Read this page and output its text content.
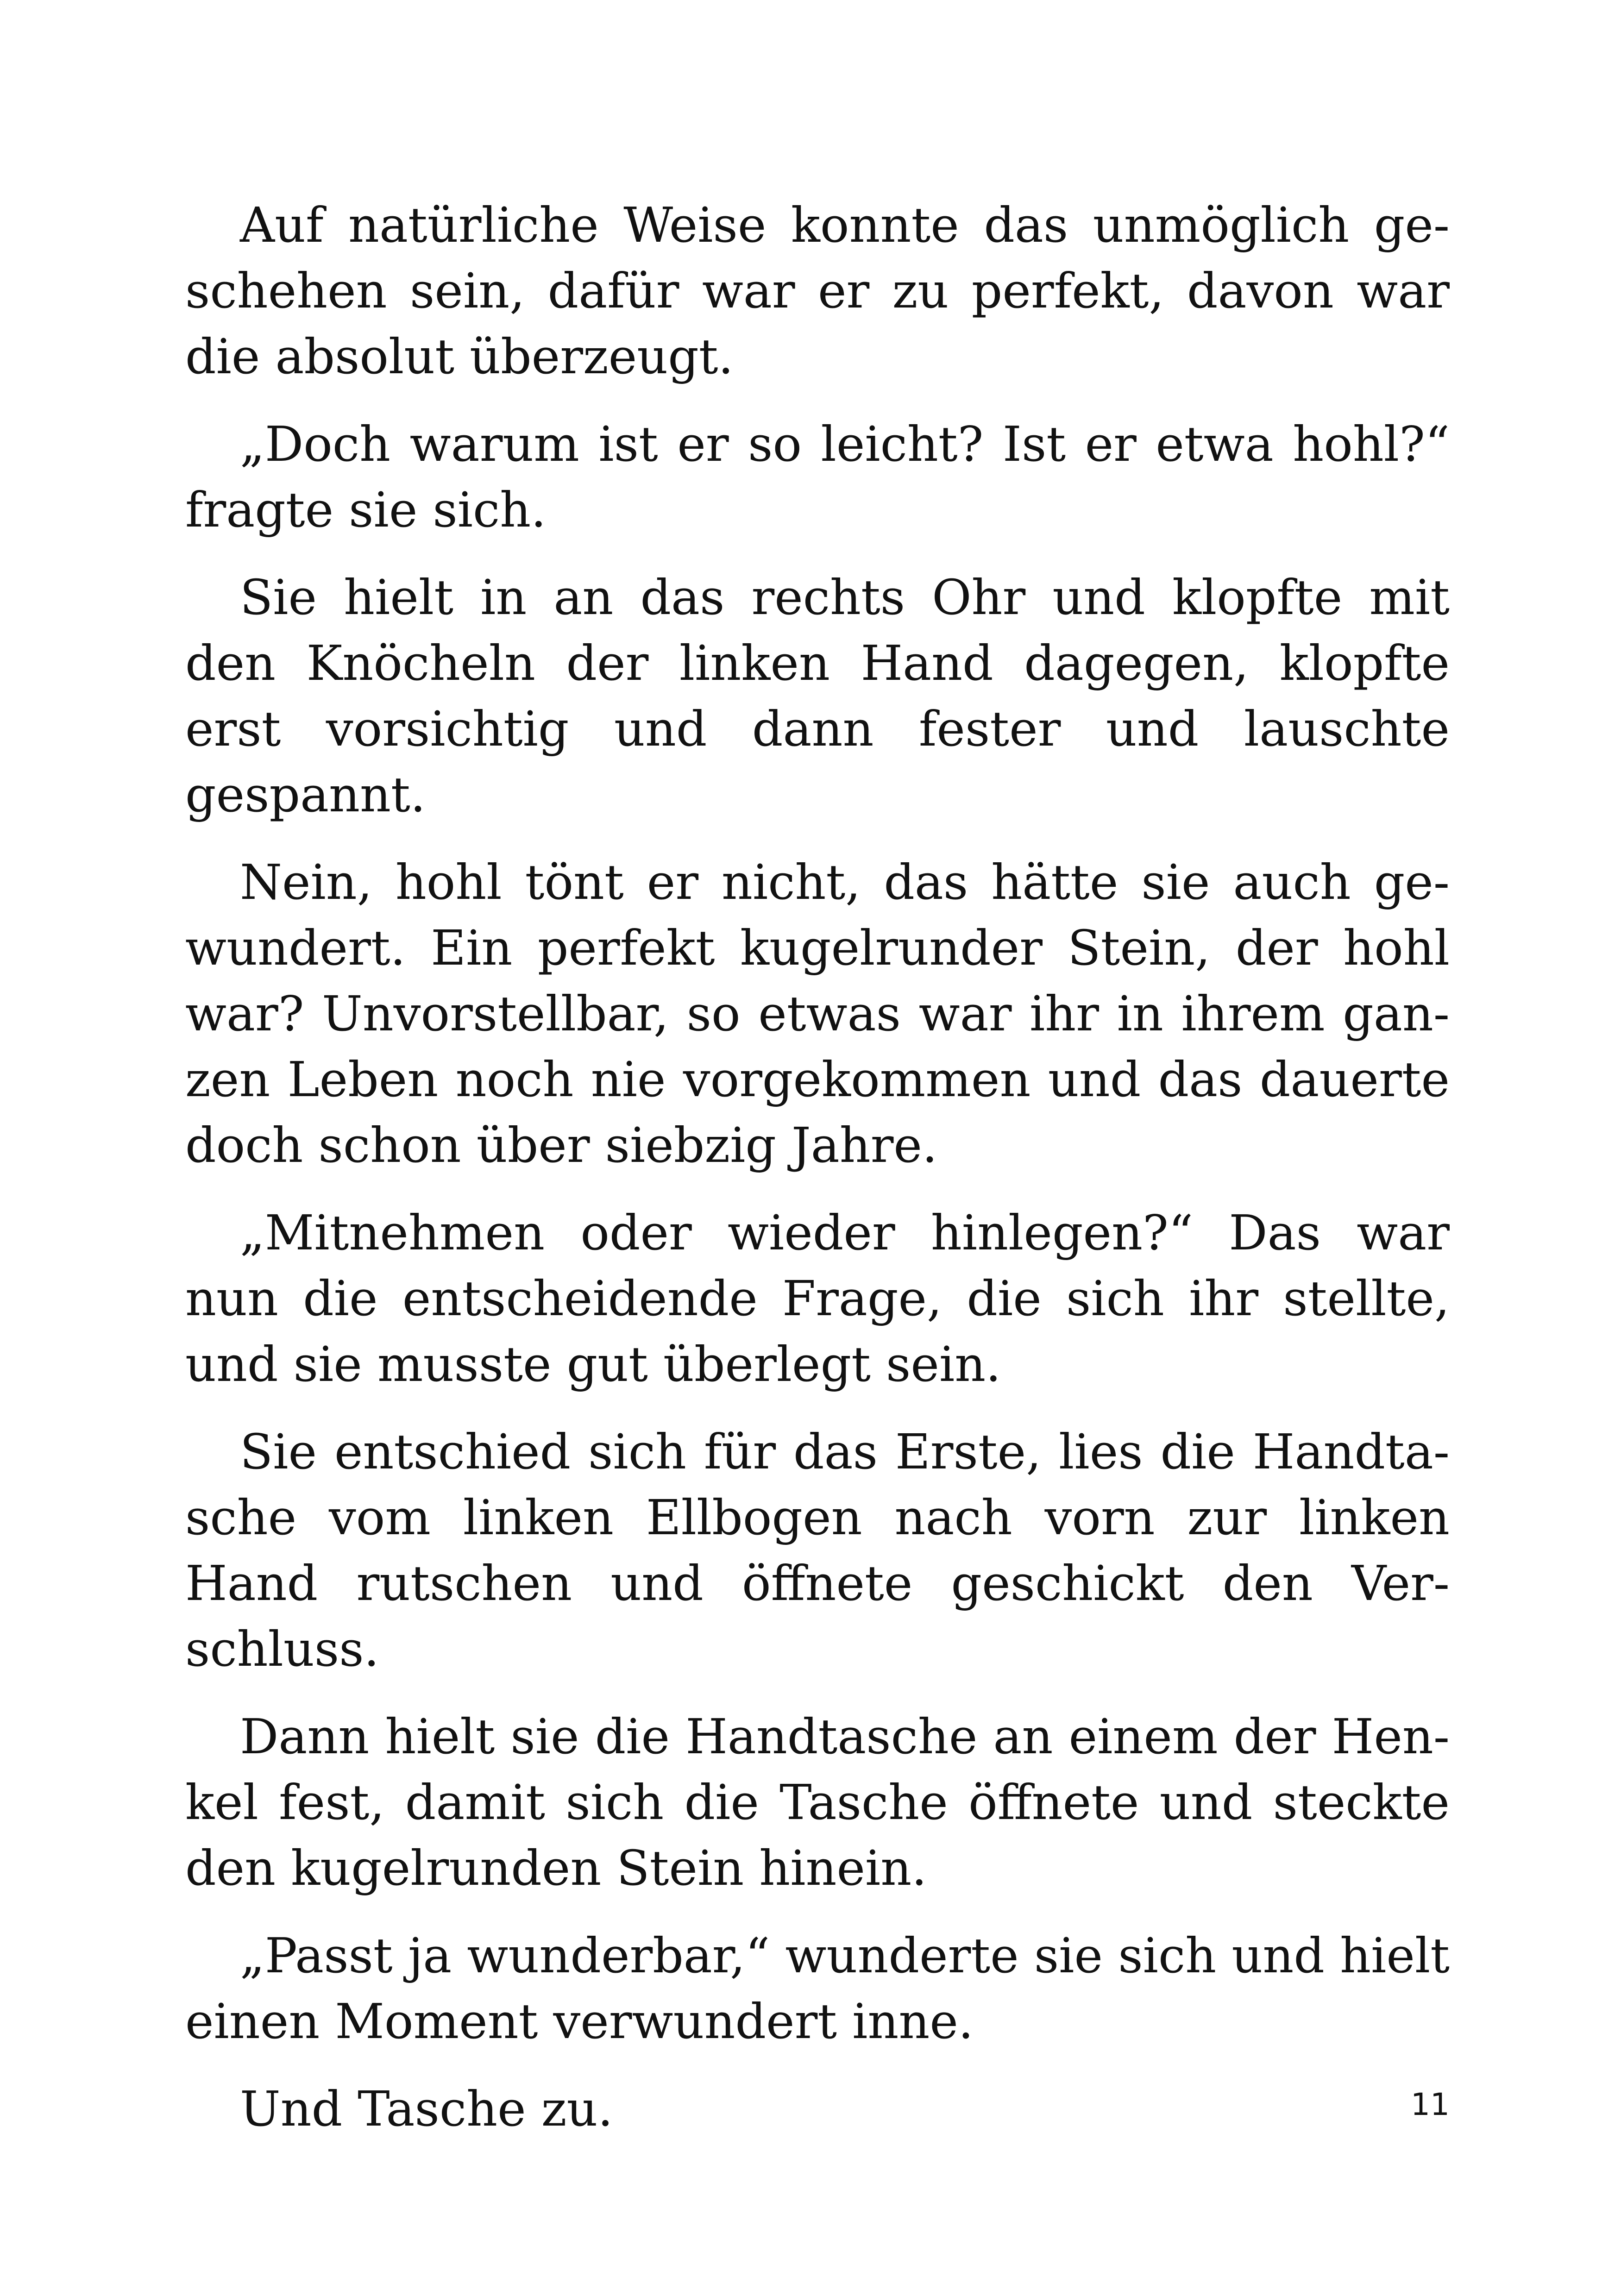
Auf natürliche Weise konnte das unmöglich geschehen sein, dafür war er zu perfekt, davon war die absolut überzeugt.

„Doch warum ist er so leicht? Ist er etwa hohl?“ fragte sie sich.

Sie hielt in an das rechts Ohr und klopfte mit den Knöcheln der linken Hand dagegen, klopfte erst vorsichtig und dann fester und lauschte gespannt.

Nein, hohl tönt er nicht, das hätte sie auch gewundert. Ein perfekt kugelrunder Stein, der hohl war? Unvorstellbar, so etwas war ihr in ihrem ganzen Leben noch nie vorgekommen und das dauerte doch schon über siebzig Jahre.

„Mitnehmen oder wieder hinlegen?“ Das war nun die entscheidende Frage, die sich ihr stellte, und sie musste gut überlegt sein.

Sie entschied sich für das Erste, lies die Handtasche vom linken Ellbogen nach vorn zur linken Hand rutschen und öffnete geschickt den Verschluss.

Dann hielt sie die Handtasche an einem der Henkel fest, damit sich die Tasche öffnete und steckte den kugelrunden Stein hinein.

„Passt ja wunderbar,“ wunderte sie sich und hielt einen Moment verwundert inne.

Und Tasche zu.	11
